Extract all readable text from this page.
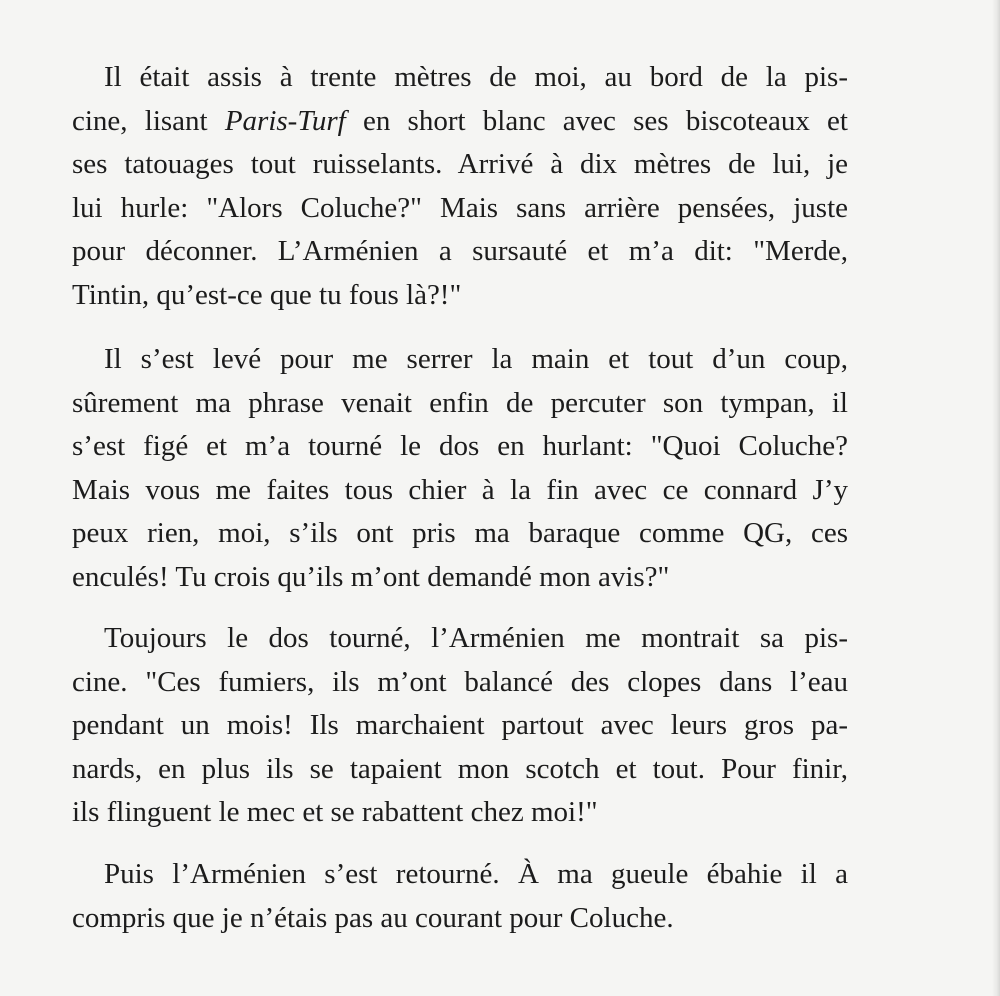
Il était assis à trente mètres de moi, au bord de la pis-
cine, lisant Paris-Turf en short blanc avec ses biscoteaux et
ses tatouages tout ruisselants. Arrivé à dix mètres de lui, je
lui hurle: "Alors Coluche?" Mais sans arrière pensées, juste
pour déconner. L’Arménien a sursauté et m’a dit: "Merde,
Tintin, qu’est-ce que tu fous là?!"
Il s’est levé pour me serrer la main et tout d’un coup,
sûrement ma phrase venait enfin de percuter son tympan, il
s’est figé et m’a tourné le dos en hurlant: "Quoi Coluche?
Mais vous me faites tous chier à la fin avec ce connard J’y
peux rien, moi, s’ils ont pris ma baraque comme QG, ces
enculés! Tu crois qu’ils m’ont demandé mon avis?"
Toujours le dos tourné, l’Arménien me montrait sa pis-
cine. "Ces fumiers, ils m’ont balancé des clopes dans l’eau
pendant un mois! Ils marchaient partout avec leurs gros pa-
nards, en plus ils se tapaient mon scotch et tout. Pour finir,
ils flinguent le mec et se rabattent chez moi!"
Puis l’Arménien s’est retourné. À ma gueule ébahie il a
compris que je n’étais pas au courant pour Coluche.
